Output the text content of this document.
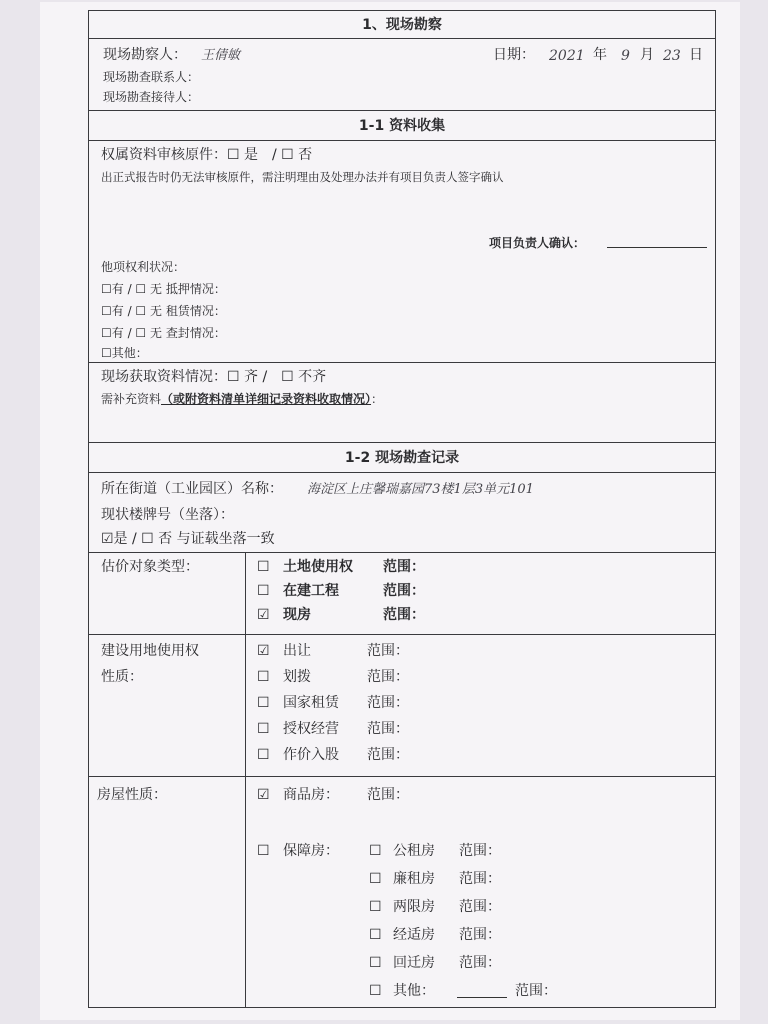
1、现场勘察
现场勘察人： 王倩敏	日期： 2021 年 9 月 23 日
现场勘查联系人：
现场勘查接待人：
1-1 资料收集
权属资料审核原件：☐ 是　/ ☐ 否
出正式报告时仍无法审核原件，需注明理由及处理办法并有项目负责人签字确认
项目负责人确认：
他项权利状况：
☐有 / ☐ 无 抵押情况：
☐有 / ☐ 无 租赁情况：
☐有 / ☐ 无 查封情况：
☐其他：
现场获取资料情况：☐ 齐 /　☐ 不齐
需补充资料（或附资料清单详细记录资料收取情况）：
1-2 现场勘查记录
所在街道（工业园区）名称： 海淀区上庄馨瑞嘉园73楼1层3单元101
现状楼牌号（坐落）：
☑是 / ☐ 否 与证载坐落一致
估价对象类型：	☐ 土地使用权 范围：
☐ 在建工程	范围：
☑ 现房	范围：
建设用地使用权
性质：
☑ 出让	范围：
☐ 划拨	范围：
☐ 国家租赁 范围：
☐ 授权经营 范围：
☐ 作价入股 范围：
房屋性质：	☑ 商品房： 范围：
☐ 保障房： ☐ 公租房 范围：
☐ 廉租房 范围：
☐ 两限房 范围：
☐ 经适房 范围：
☐ 回迁房 范围：
☐ 其他：	范围：
